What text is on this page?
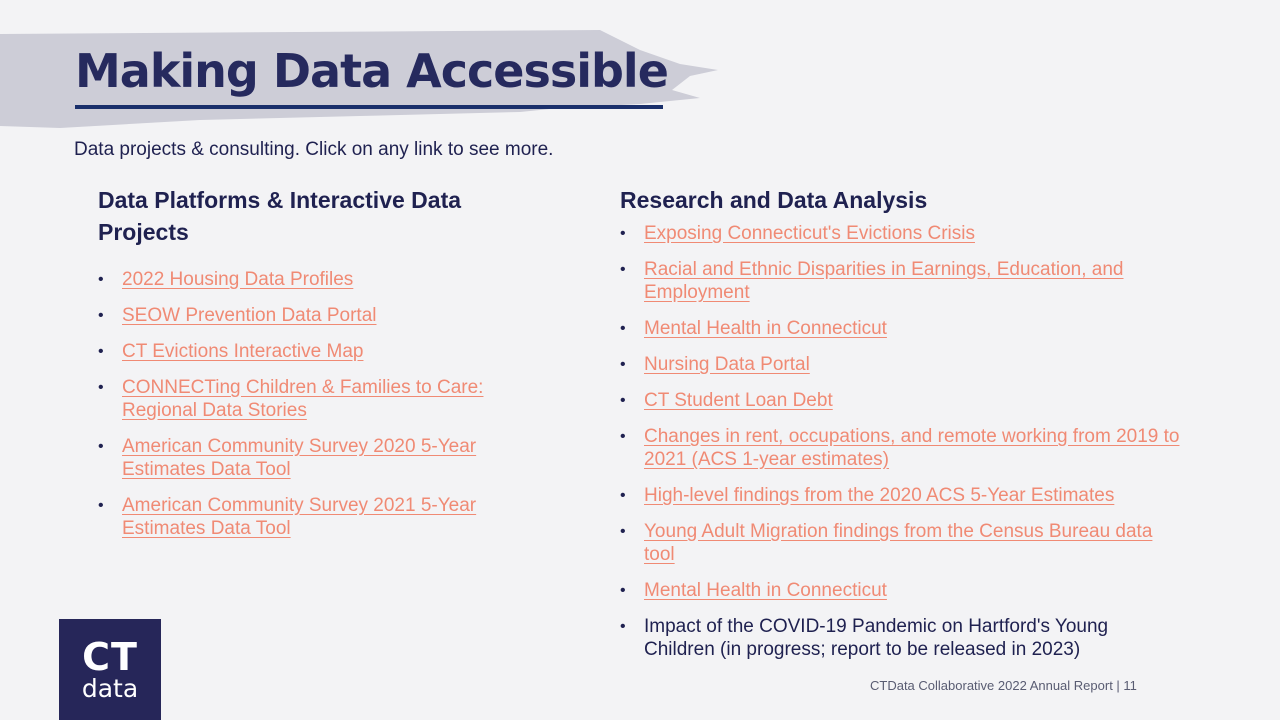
Making Data Accessible

Data projects & consulting. Click on any link to see more.

Data Platforms & Interactive Data Projects
• 2022 Housing Data Profiles
• SEOW Prevention Data Portal
• CT Evictions Interactive Map
• CONNECTing Children & Families to Care: Regional Data Stories
• American Community Survey 2020 5-Year Estimates Data Tool
• American Community Survey 2021 5-Year Estimates Data Tool
Research and Data Analysis
• Exposing Connecticut's Evictions Crisis
• Racial and Ethnic Disparities in Earnings, Education, and Employment
• Mental Health in Connecticut
• Nursing Data Portal
• CT Student Loan Debt
• Changes in rent, occupations, and remote working from 2019 to 2021 (ACS 1-year estimates)
• High-level findings from the 2020 ACS 5-Year Estimates
• Young Adult Migration findings from the Census Bureau data tool
• Mental Health in Connecticut
• Impact of the COVID-19 Pandemic on Hartford's Young Children (in progress; report to be released in 2023)
CT
data	CTData Collaborative 2022 Annual Report | 11
